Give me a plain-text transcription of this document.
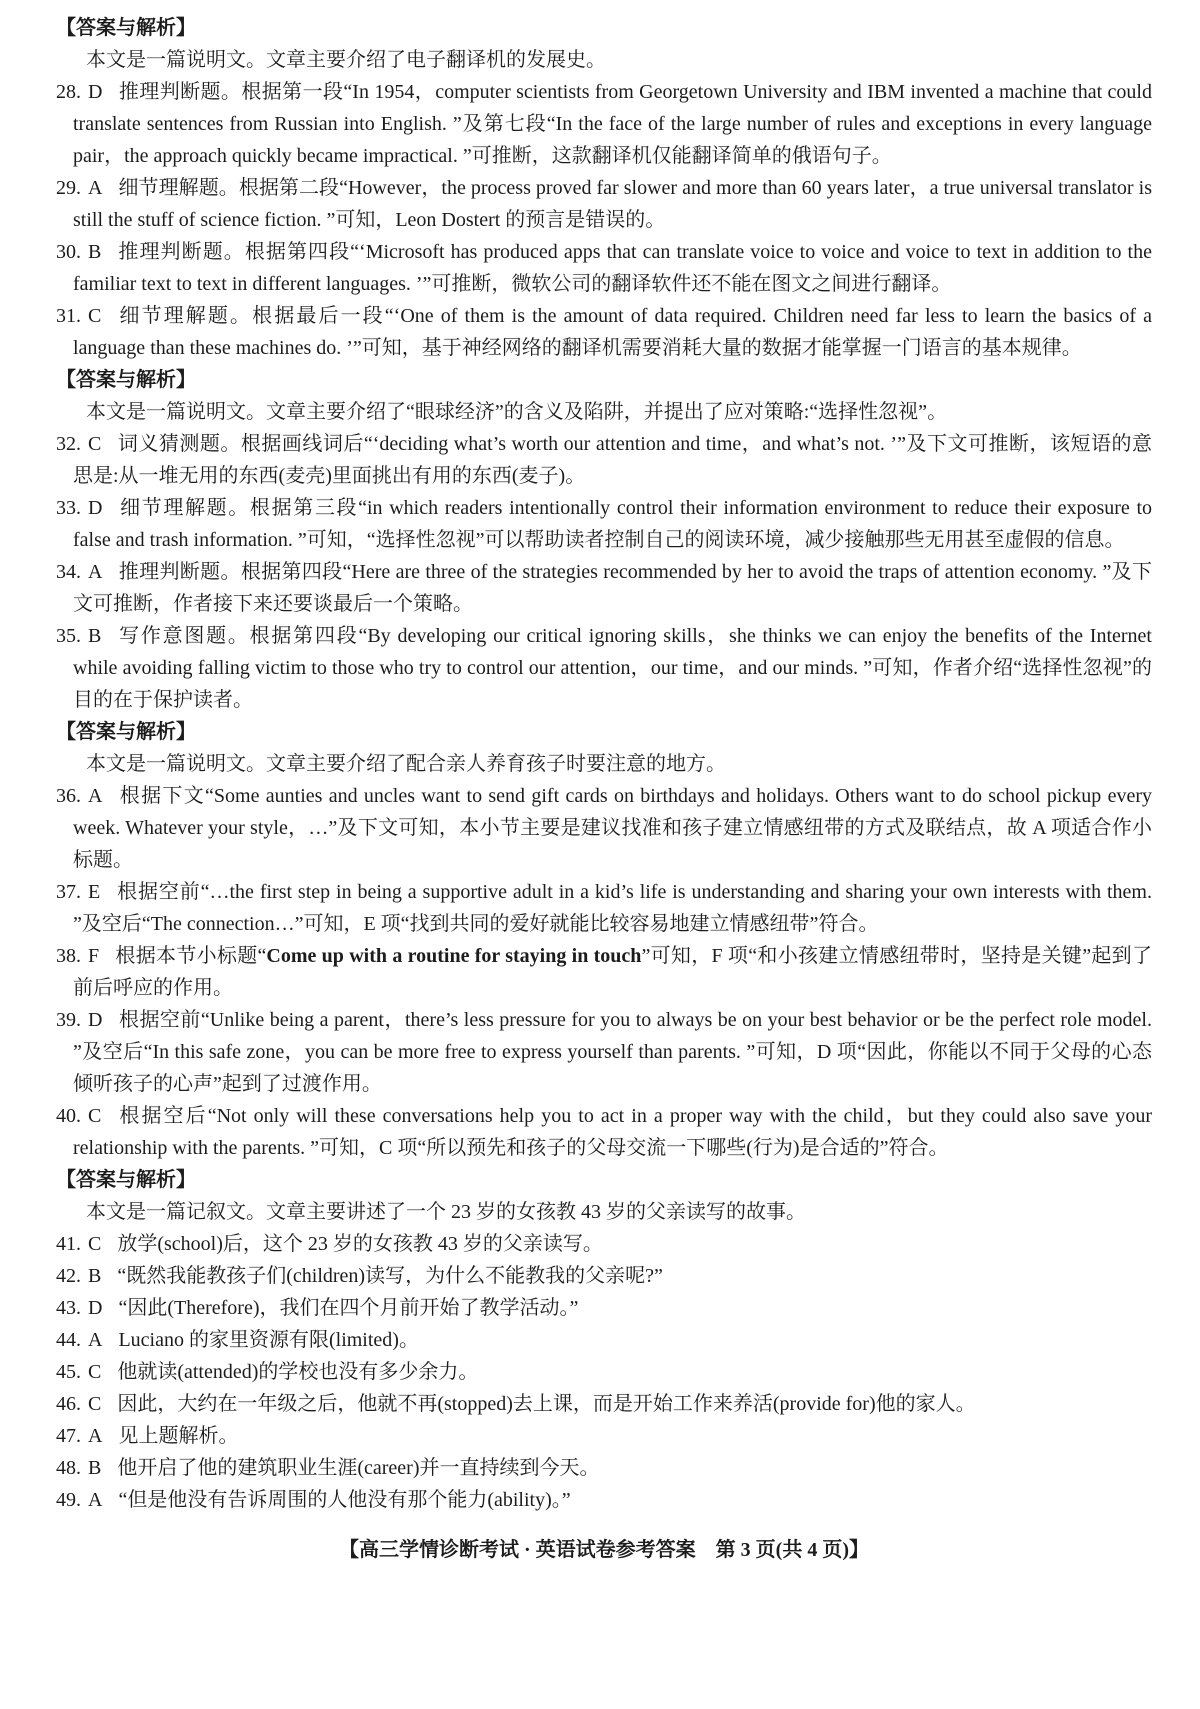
【答案与解析】

本文是一篇说明文。文章主要介绍了电子翻译机的发展史。

28. D 推理判断题。根据第一段“In 1954，computer scientists from Georgetown University and IBM invented a machine that could translate sentences from Russian into English. ”及第七段“In the face of the large number of rules and exceptions in every language pair，the approach quickly became impractical. ”可推断，这款翻译机仅能翻译简单的俄语句子。
29. A 细节理解题。根据第二段“However，the process proved far slower and more than 60 years later，a true universal translator is still the stuff of science fiction. ”可知，Leon Dostert 的预言是错误的。
30. B 推理判断题。根据第四段“‘Microsoft has produced apps that can translate voice to voice and voice to text in addition to the familiar text to text in different languages. ’”可推断，微软公司的翻译软件还不能在图文之间进行翻译。
31. C 细节理解题。根据最后一段“‘One of them is the amount of data required. Children need far less to learn the basics of a language than these machines do. ’”可知，基于神经网络的翻译机需要消耗大量的数据才能掌握一门语言的基本规律。
【答案与解析】

本文是一篇说明文。文章主要介绍了“眼球经济”的含义及陷阱，并提出了应对策略:“选择性忽视”。

32. C 词义猜测题。根据画线词后“‘deciding what’s worth our attention and time，and what’s not. ’”及下文可推断，该短语的意思是:从一堆无用的东西(麦壳)里面挑出有用的东西(麦子)。
33. D 细节理解题。根据第三段“in which readers intentionally control their information environment to reduce their exposure to false and trash information. ”可知，“选择性忽视”可以帮助读者控制自己的阅读环境，减少接触那些无用甚至虚假的信息。
34. A 推理判断题。根据第四段“Here are three of the strategies recommended by her to avoid the traps of attention economy. ”及下文可推断，作者接下来还要谈最后一个策略。
35. B 写作意图题。根据第四段“By developing our critical ignoring skills，she thinks we can enjoy the benefits of the Internet while avoiding falling victim to those who try to control our attention，our time，and our minds. ”可知，作者介绍“选择性忽视”的目的在于保护读者。
【答案与解析】

本文是一篇说明文。文章主要介绍了配合亲人养育孩子时要注意的地方。

36. A 根据下文“Some aunties and uncles want to send gift cards on birthdays and holidays. Others want to do school pickup every week. Whatever your style，…”及下文可知，本小节主要是建议找准和孩子建立情感纽带的方式及联结点，故 A 项适合作小标题。
37. E 根据空前“…the first step in being a supportive adult in a kid’s life is understanding and sharing your own interests with them. ”及空后“The connection…”可知，E 项“找到共同的爱好就能比较容易地建立情感纽带”符合。
38. F 根据本节小标题“Come up with a routine for staying in touch”可知，F 项“和小孩建立情感纽带时，坚持是关键”起到了前后呼应的作用。
39. D 根据空前“Unlike being a parent，there’s less pressure for you to always be on your best behavior or be the perfect role model. ”及空后“In this safe zone，you can be more free to express yourself than parents. ”可知，D 项“因此，你能以不同于父母的心态倾听孩子的心声”起到了过渡作用。
40. C 根据空后“Not only will these conversations help you to act in a proper way with the child，but they could also save your relationship with the parents. ”可知，C 项“所以预先和孩子的父母交流一下哪些(行为)是合适的”符合。
【答案与解析】

本文是一篇记叙文。文章主要讲述了一个 23 岁的女孩教 43 岁的父亲读写的故事。

41. C 放学(school)后，这个 23 岁的女孩教 43 岁的父亲读写。
42. B “既然我能教孩子们(children)读写，为什么不能教我的父亲呢?”
43. D “因此(Therefore)，我们在四个月前开始了教学活动。”
44. A Luciano 的家里资源有限(limited)。
45. C 他就读(attended)的学校也没有多少余力。
46. C 因此，大约在一年级之后，他就不再(stopped)去上课，而是开始工作来养活(provide for)他的家人。
47. A 见上题解析。
48. B 他开启了他的建筑职业生涯(career)并一直持续到今天。
49. A “但是他没有告诉周围的人他没有那个能力(ability)。”
【高三学情诊断考试 · 英语试卷参考答案　第 3 页(共 4 页)】
